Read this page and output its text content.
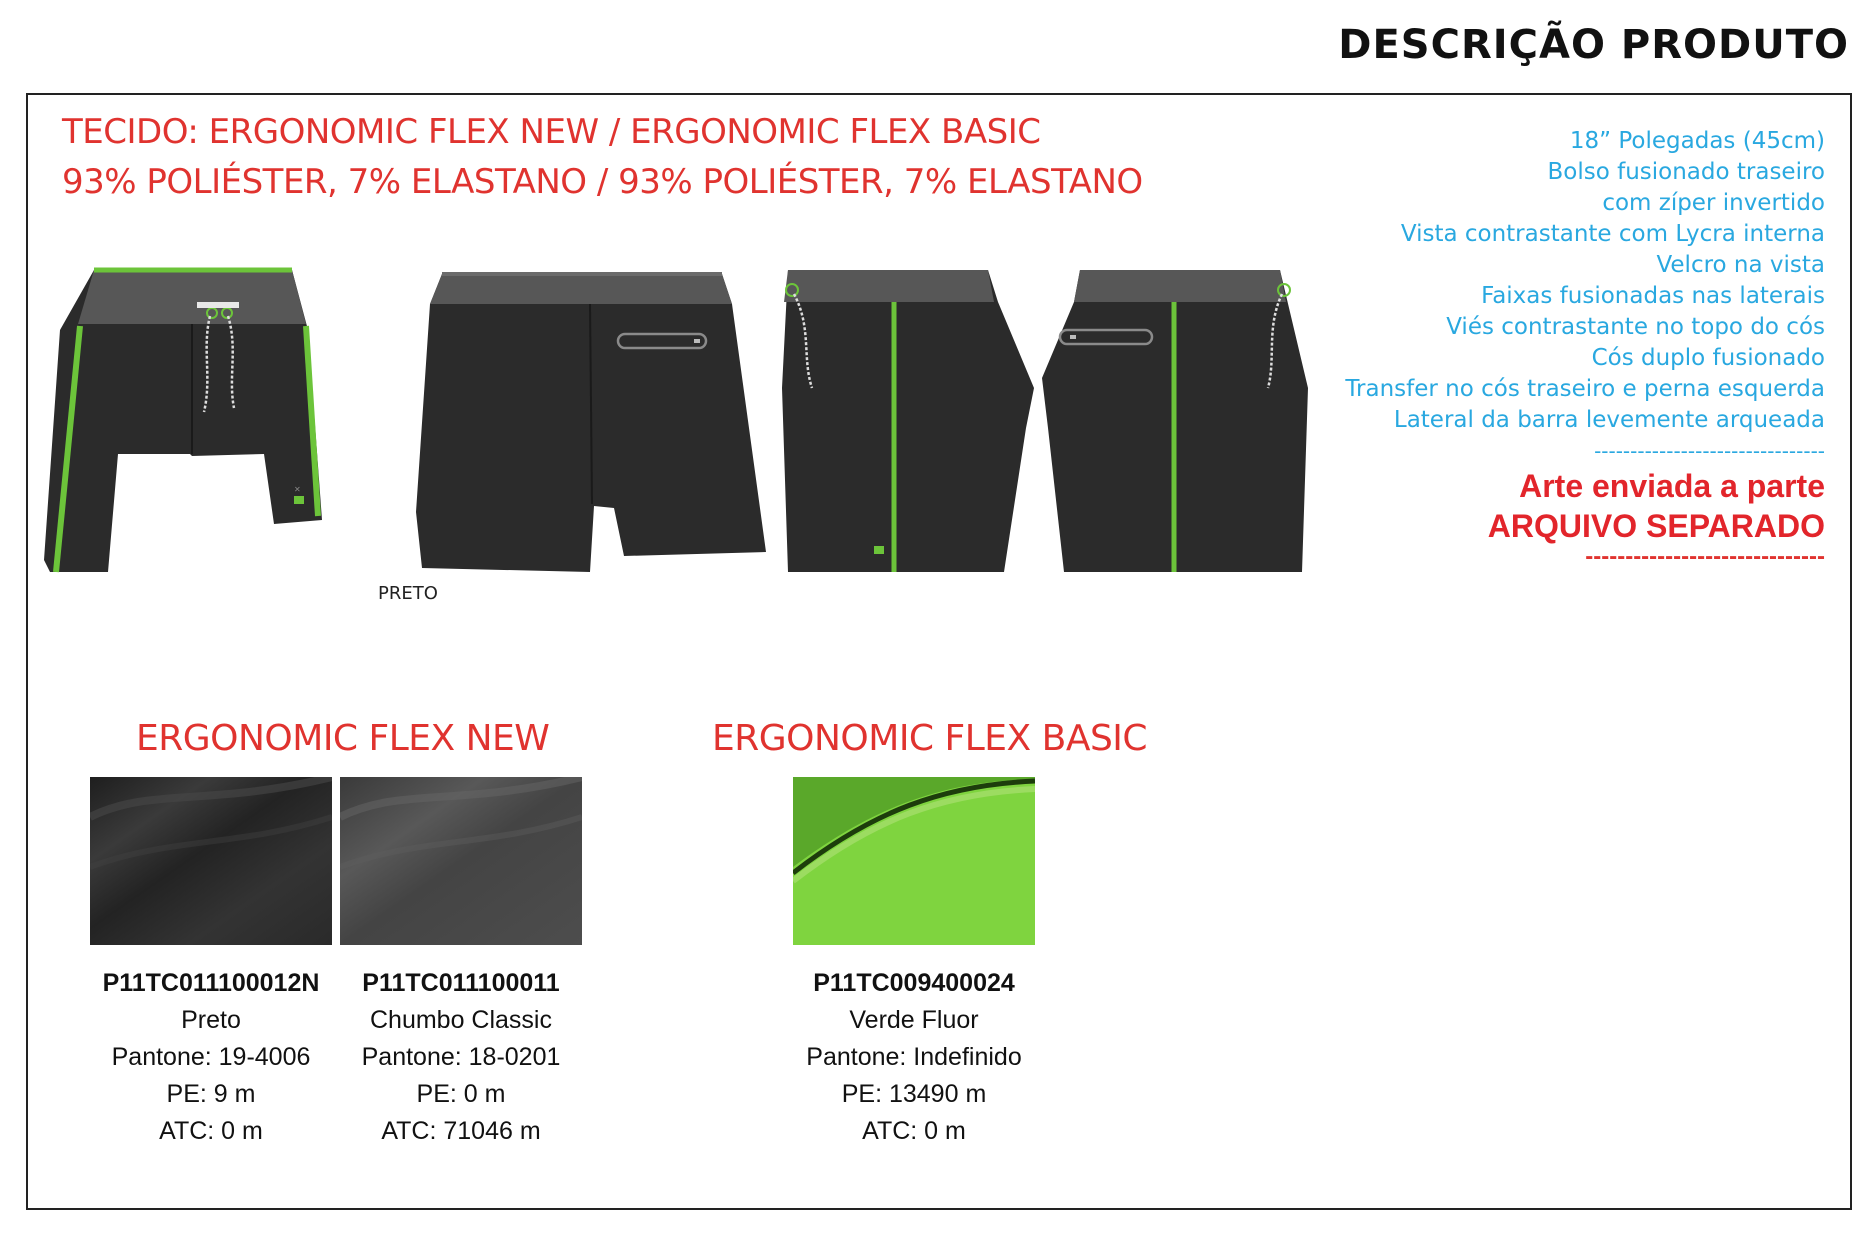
DESCRIÇÃO PRODUTO
TECIDO: ERGONOMIC FLEX NEW / ERGONOMIC FLEX BASIC
93% POLIÉSTER, 7% ELASTANO / 93% POLIÉSTER, 7% ELASTANO
18” Polegadas (45cm)
Bolso fusionado traseiro
com zíper invertido
Vista contrastante com Lycra interna
Velcro na vista
Faixas fusionadas nas laterais
Viés contrastante no topo do cós
Cós duplo fusionado
Transfer no cós traseiro e perna esquerda
Lateral da barra levemente arqueada
--------------------------------
Arte enviada a parte
ARQUIVO SEPARADO
------------------------------
✕
PRETO
ERGONOMIC FLEX NEW
P11TC011100012N
Preto
Pantone: 19-4006
PE: 9 m
ATC: 0 m
P11TC011100011
Chumbo Classic
Pantone: 18-0201
PE: 0 m
ATC: 71046 m
ERGONOMIC FLEX BASIC
P11TC009400024
Verde Fluor
Pantone: Indefinido
PE: 13490 m
ATC: 0 m
